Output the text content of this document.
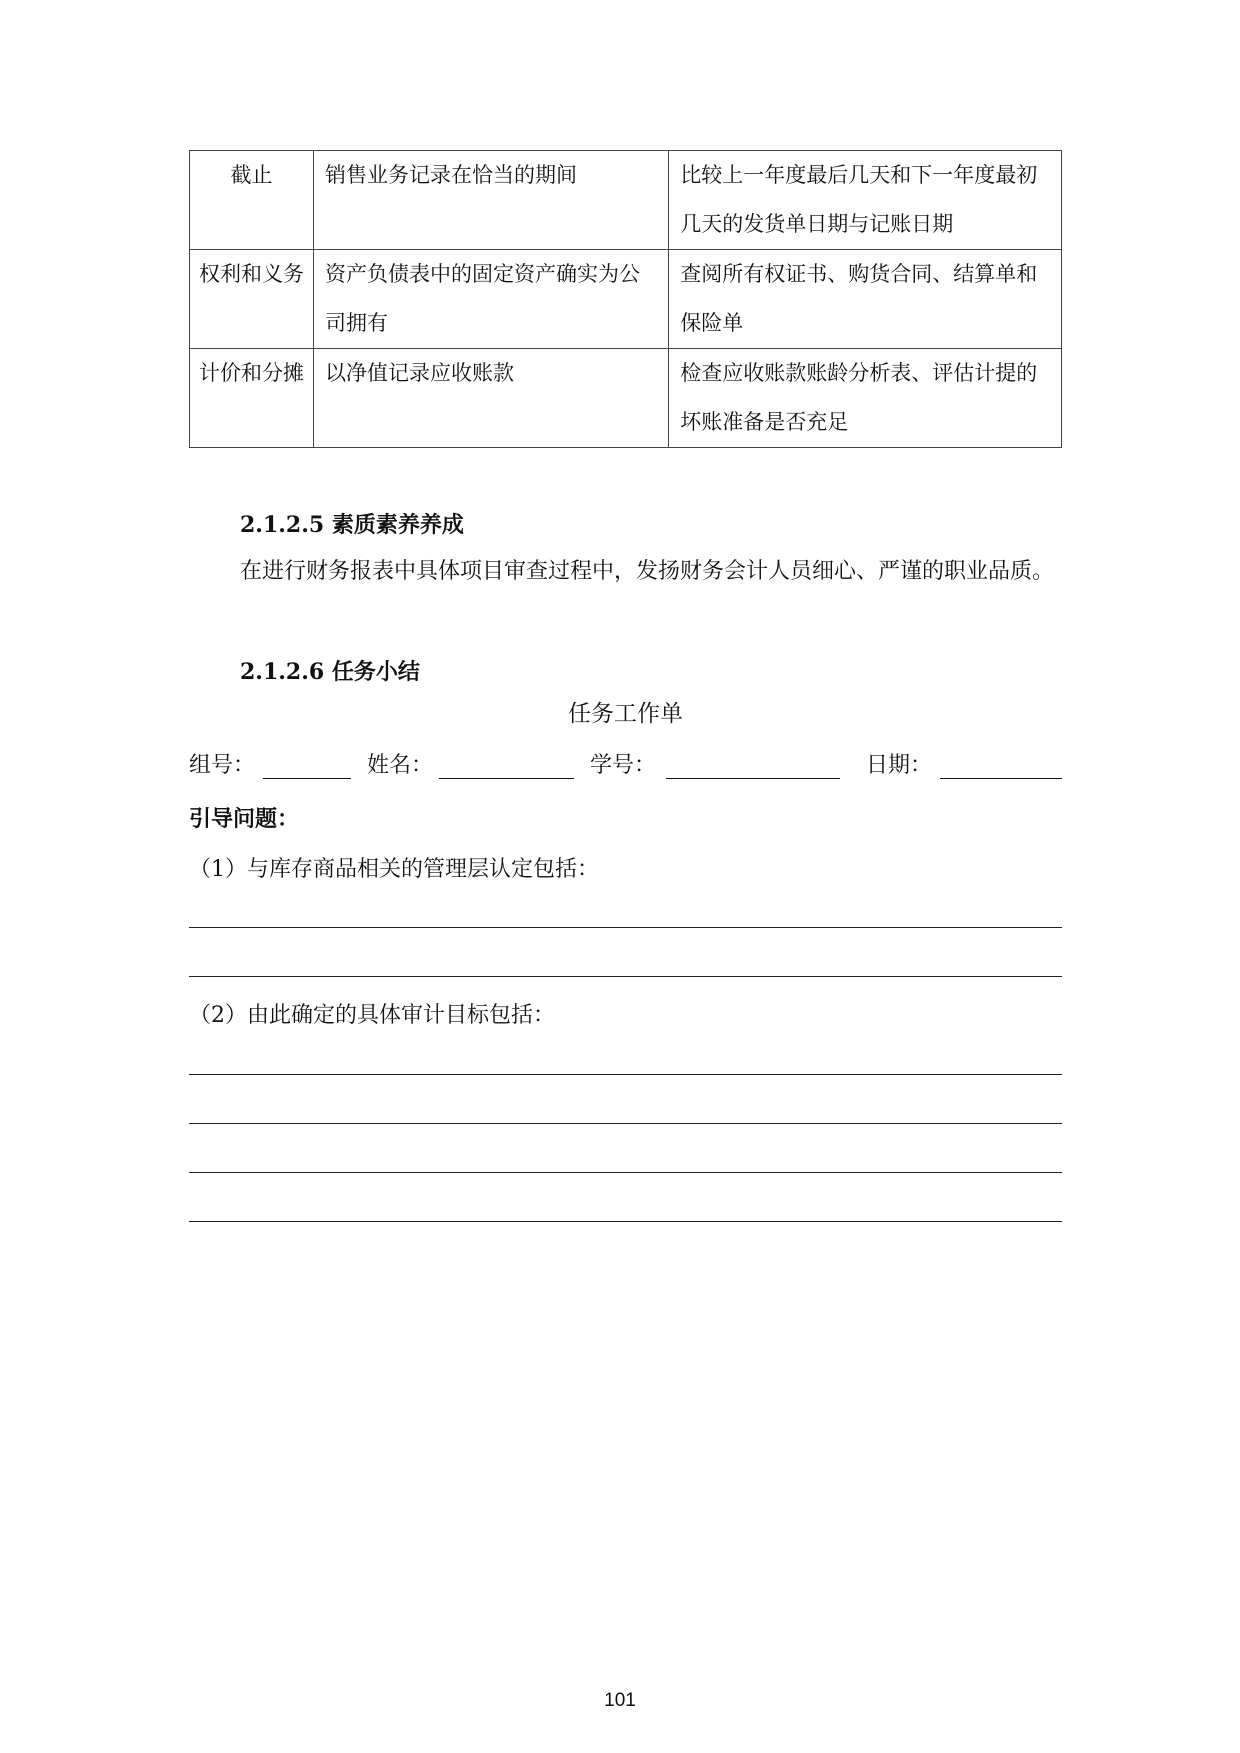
截止	销售业务记录在恰当的期间	比较上一年度最后几天和下一年度最初几天的发货单日期与记账日期
权利和义务	资产负债表中的固定资产确实为公司拥有	查阅所有权证书、购货合同、结算单和保险单
计价和分摊	以净值记录应收账款	检查应收账款账龄分析表、评估计提的坏账准备是否充足
2.1.2.5 素质素养养成
在进行财务报表中具体项目审查过程中，发扬财务会计人员细心、严谨的职业品质。
2.1.2.6 任务小结
任务工作单
组号：	姓名：	学号：	日期：
引导问题：
（1）与库存商品相关的管理层认定包括：
（2）由此确定的具体审计目标包括：
101
